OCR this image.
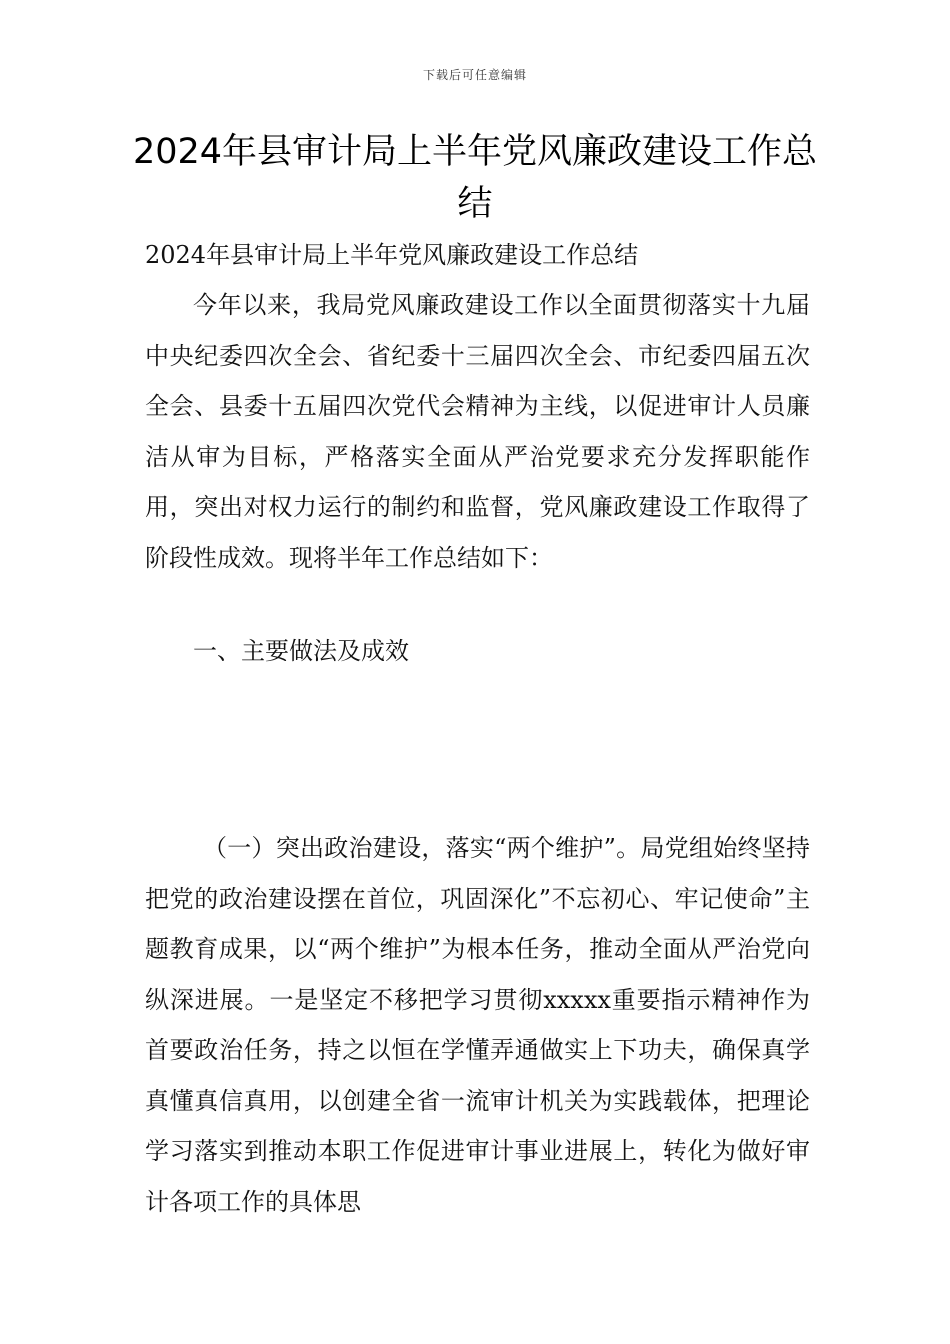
下载后可任意编辑
2024年县审计局上半年党风廉政建设工作总结
2024年县审计局上半年党风廉政建设工作总结
今年以来，我局党风廉政建设工作以全面贯彻落实十九届中央纪委四次全会、省纪委十三届四次全会、市纪委四届五次全会、县委十五届四次党代会精神为主线，以促进审计人员廉洁从审为目标，严格落实全面从严治党要求充分发挥职能作用，突出对权力运行的制约和监督，党风廉政建设工作取得了阶段性成效。现将半年工作总结如下：
一、主要做法及成效
（一）突出政治建设，落实“两个维护”。局党组始终坚持把党的政治建设摆在首位，巩固深化”不忘初心、牢记使命”主题教育成果，以“两个维护”为根本任务，推动全面从严治党向纵深进展。一是坚定不移把学习贯彻xxxxx重要指示精神作为首要政治任务，持之以恒在学懂弄通做实上下功夫，确保真学真懂真信真用，以创建全省一流审计机关为实践载体，把理论学习落实到推动本职工作促进审计事业进展上，转化为做好审计各项工作的具体思
